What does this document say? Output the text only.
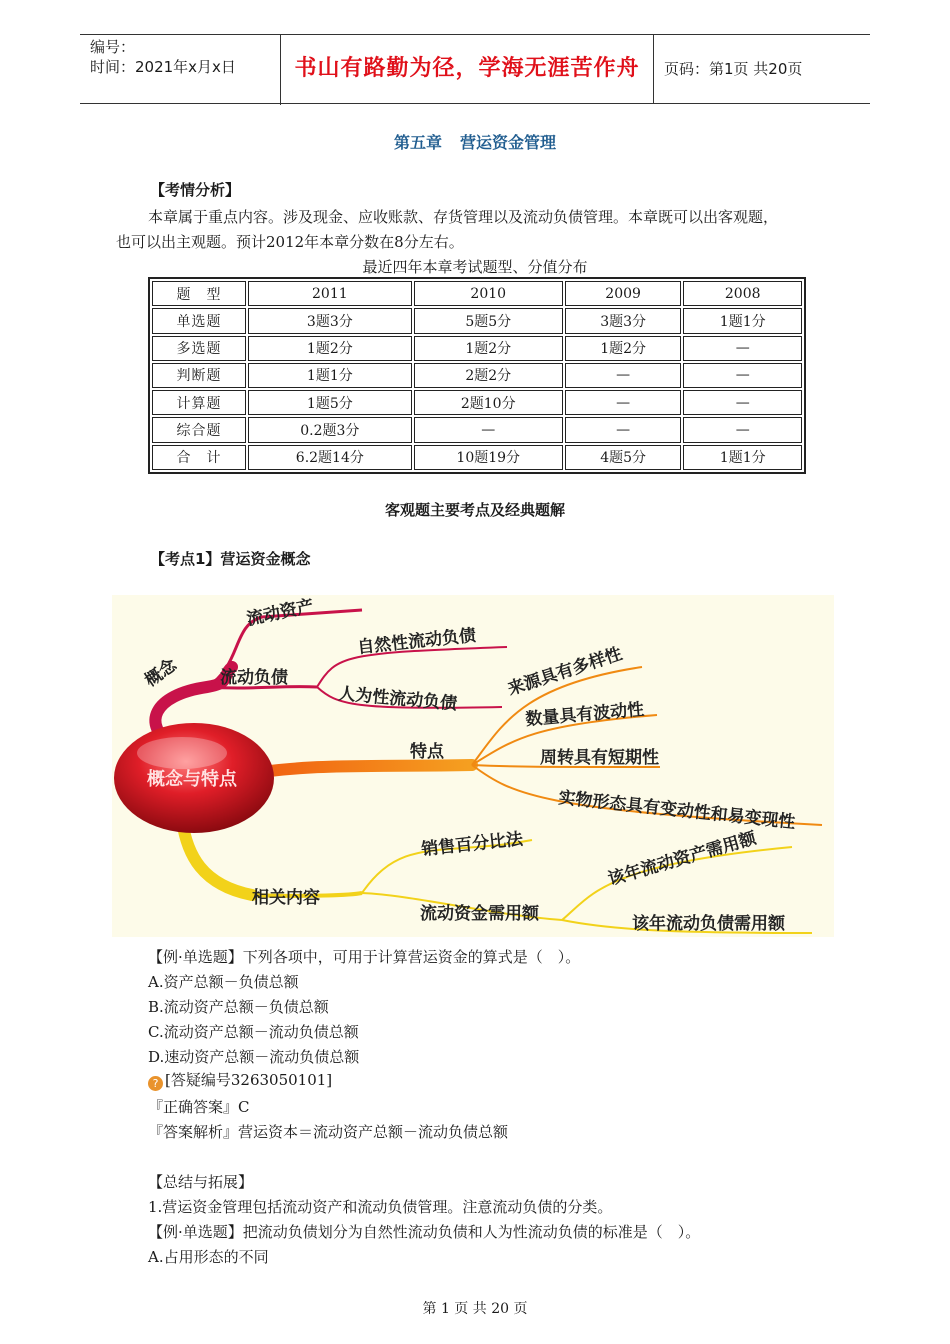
编号：
时间：2021年x月x日	书山有路勤为径，学海无涯苦作舟	页码：第1页 共20页
第五章 营运资金管理
【考情分析】
本章属于重点内容。涉及现金、应收账款、存货管理以及流动负债管理。本章既可以出客观题，
也可以出主观题。预计2012年本章分数在8分左右。
最近四年本章考试题型、分值分布
题　型	2011	2010	2009	2008
单选题	3题3分	5题5分	3题3分	1题1分
多选题	1题2分	1题2分	1题2分	—
判断题	1题1分	2题2分	—	—
计算题	1题5分	2题10分	—	—
综合题	0.2题3分	—	—	—
合　计	6.2题14分	10题19分	4题5分	1题1分
客观题主要考点及经典题解
【考点1】营运资金概念
概念与特点
概念
流动资产
流动负债
自然性流动负债
人为性流动负债
特点
来源具有多样性
数量具有波动性
周转具有短期性
实物形态具有变动性和易变现性
销售百分比法
相关内容
流动资金需用额
该年流动资产需用额
该年流动负债需用额
【例·单选题】下列各项中，可用于计算营运资金的算式是（　）。
A.资产总额－负债总额
B.流动资产总额－负债总额
C.流动资产总额－流动负债总额
D.速动资产总额－流动负债总额
? [答疑编号3263050101]
『正确答案』C
『答案解析』营运资本＝流动资产总额－流动负债总额
【总结与拓展】
1.营运资金管理包括流动资产和流动负债管理。注意流动负债的分类。
【例·单选题】把流动负债划分为自然性流动负债和人为性流动负债的标准是（　）。
A.占用形态的不同
第 1 页 共 20 页
